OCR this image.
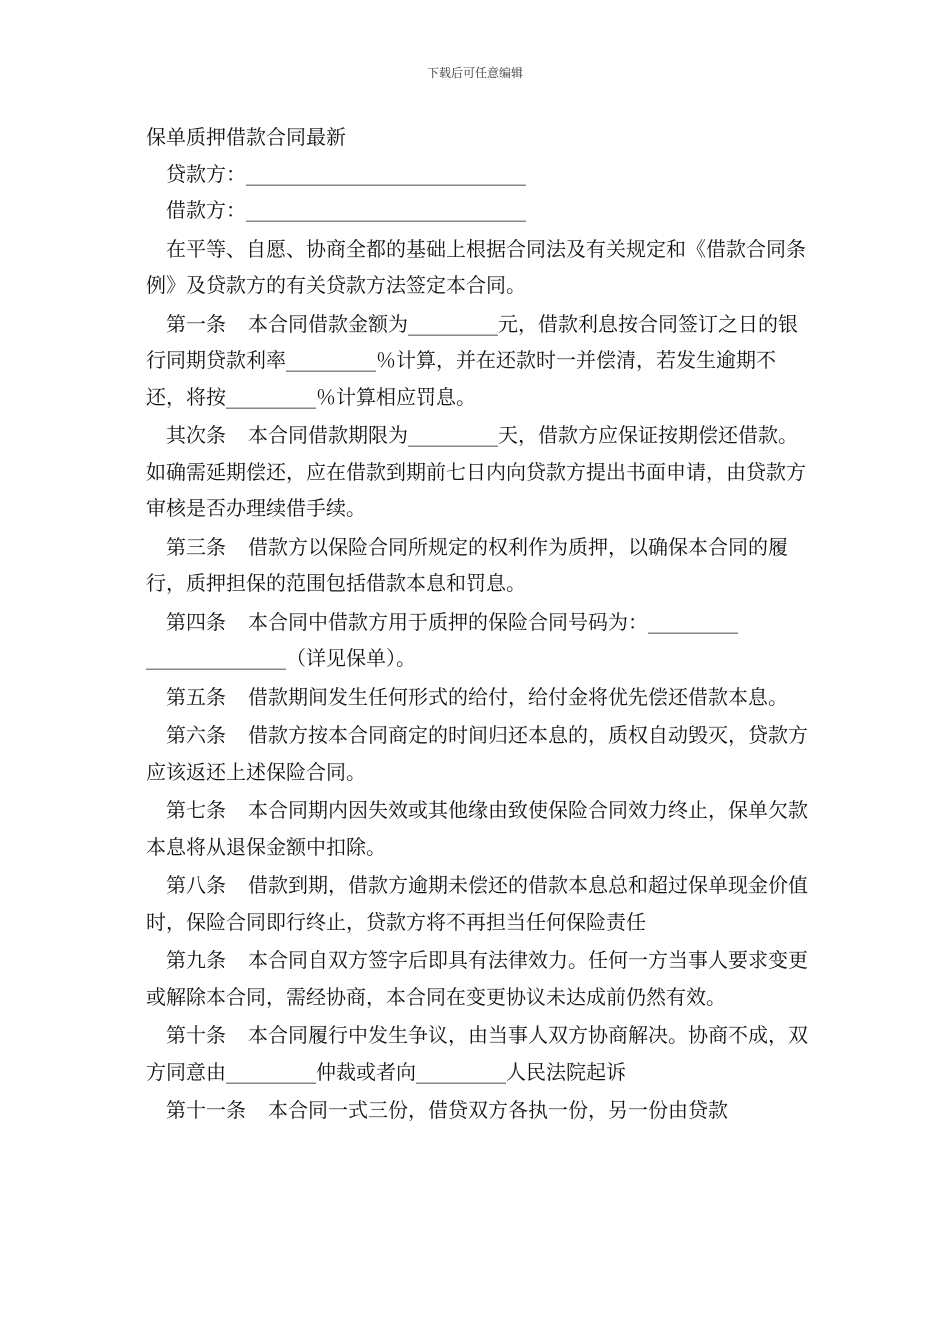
下载后可任意编辑

保单质押借款合同最新

贷款方：____________________________

借款方：____________________________

在平等、自愿、协商全都的基础上根据合同法及有关规定和《借款合同条例》及贷款方的有关贷款方法签定本合同。

第一条 本合同借款金额为_________元，借款利息按合同签订之日的银行同期贷款利率_________％计算，并在还款时一并偿清，若发生逾期不还，将按_________％计算相应罚息。

其次条 本合同借款期限为_________天，借款方应保证按期偿还借款。如确需延期偿还，应在借款到期前七日内向贷款方提出书面申请，由贷款方审核是否办理续借手续。

第三条 借款方以保险合同所规定的权利作为质押，以确保本合同的履行，质押担保的范围包括借款本息和罚息。

第四条 本合同中借款方用于质押的保险合同号码为：_________ ______________（详见保单）。

第五条 借款期间发生任何形式的给付，给付金将优先偿还借款本息。

第六条 借款方按本合同商定的时间归还本息的，质权自动毁灭，贷款方应该返还上述保险合同。

第七条 本合同期内因失效或其他缘由致使保险合同效力终止，保单欠款本息将从退保金额中扣除。

第八条 借款到期，借款方逾期未偿还的借款本息总和超过保单现金价值时，保险合同即行终止，贷款方将不再担当任何保险责任

第九条 本合同自双方签字后即具有法律效力。任何一方当事人要求变更或解除本合同，需经协商，本合同在变更协议未达成前仍然有效。

第十条 本合同履行中发生争议，由当事人双方协商解决。协商不成，双方同意由_________仲裁或者向_________人民法院起诉

第十一条 本合同一式三份，借贷双方各执一份，另一份由贷款
